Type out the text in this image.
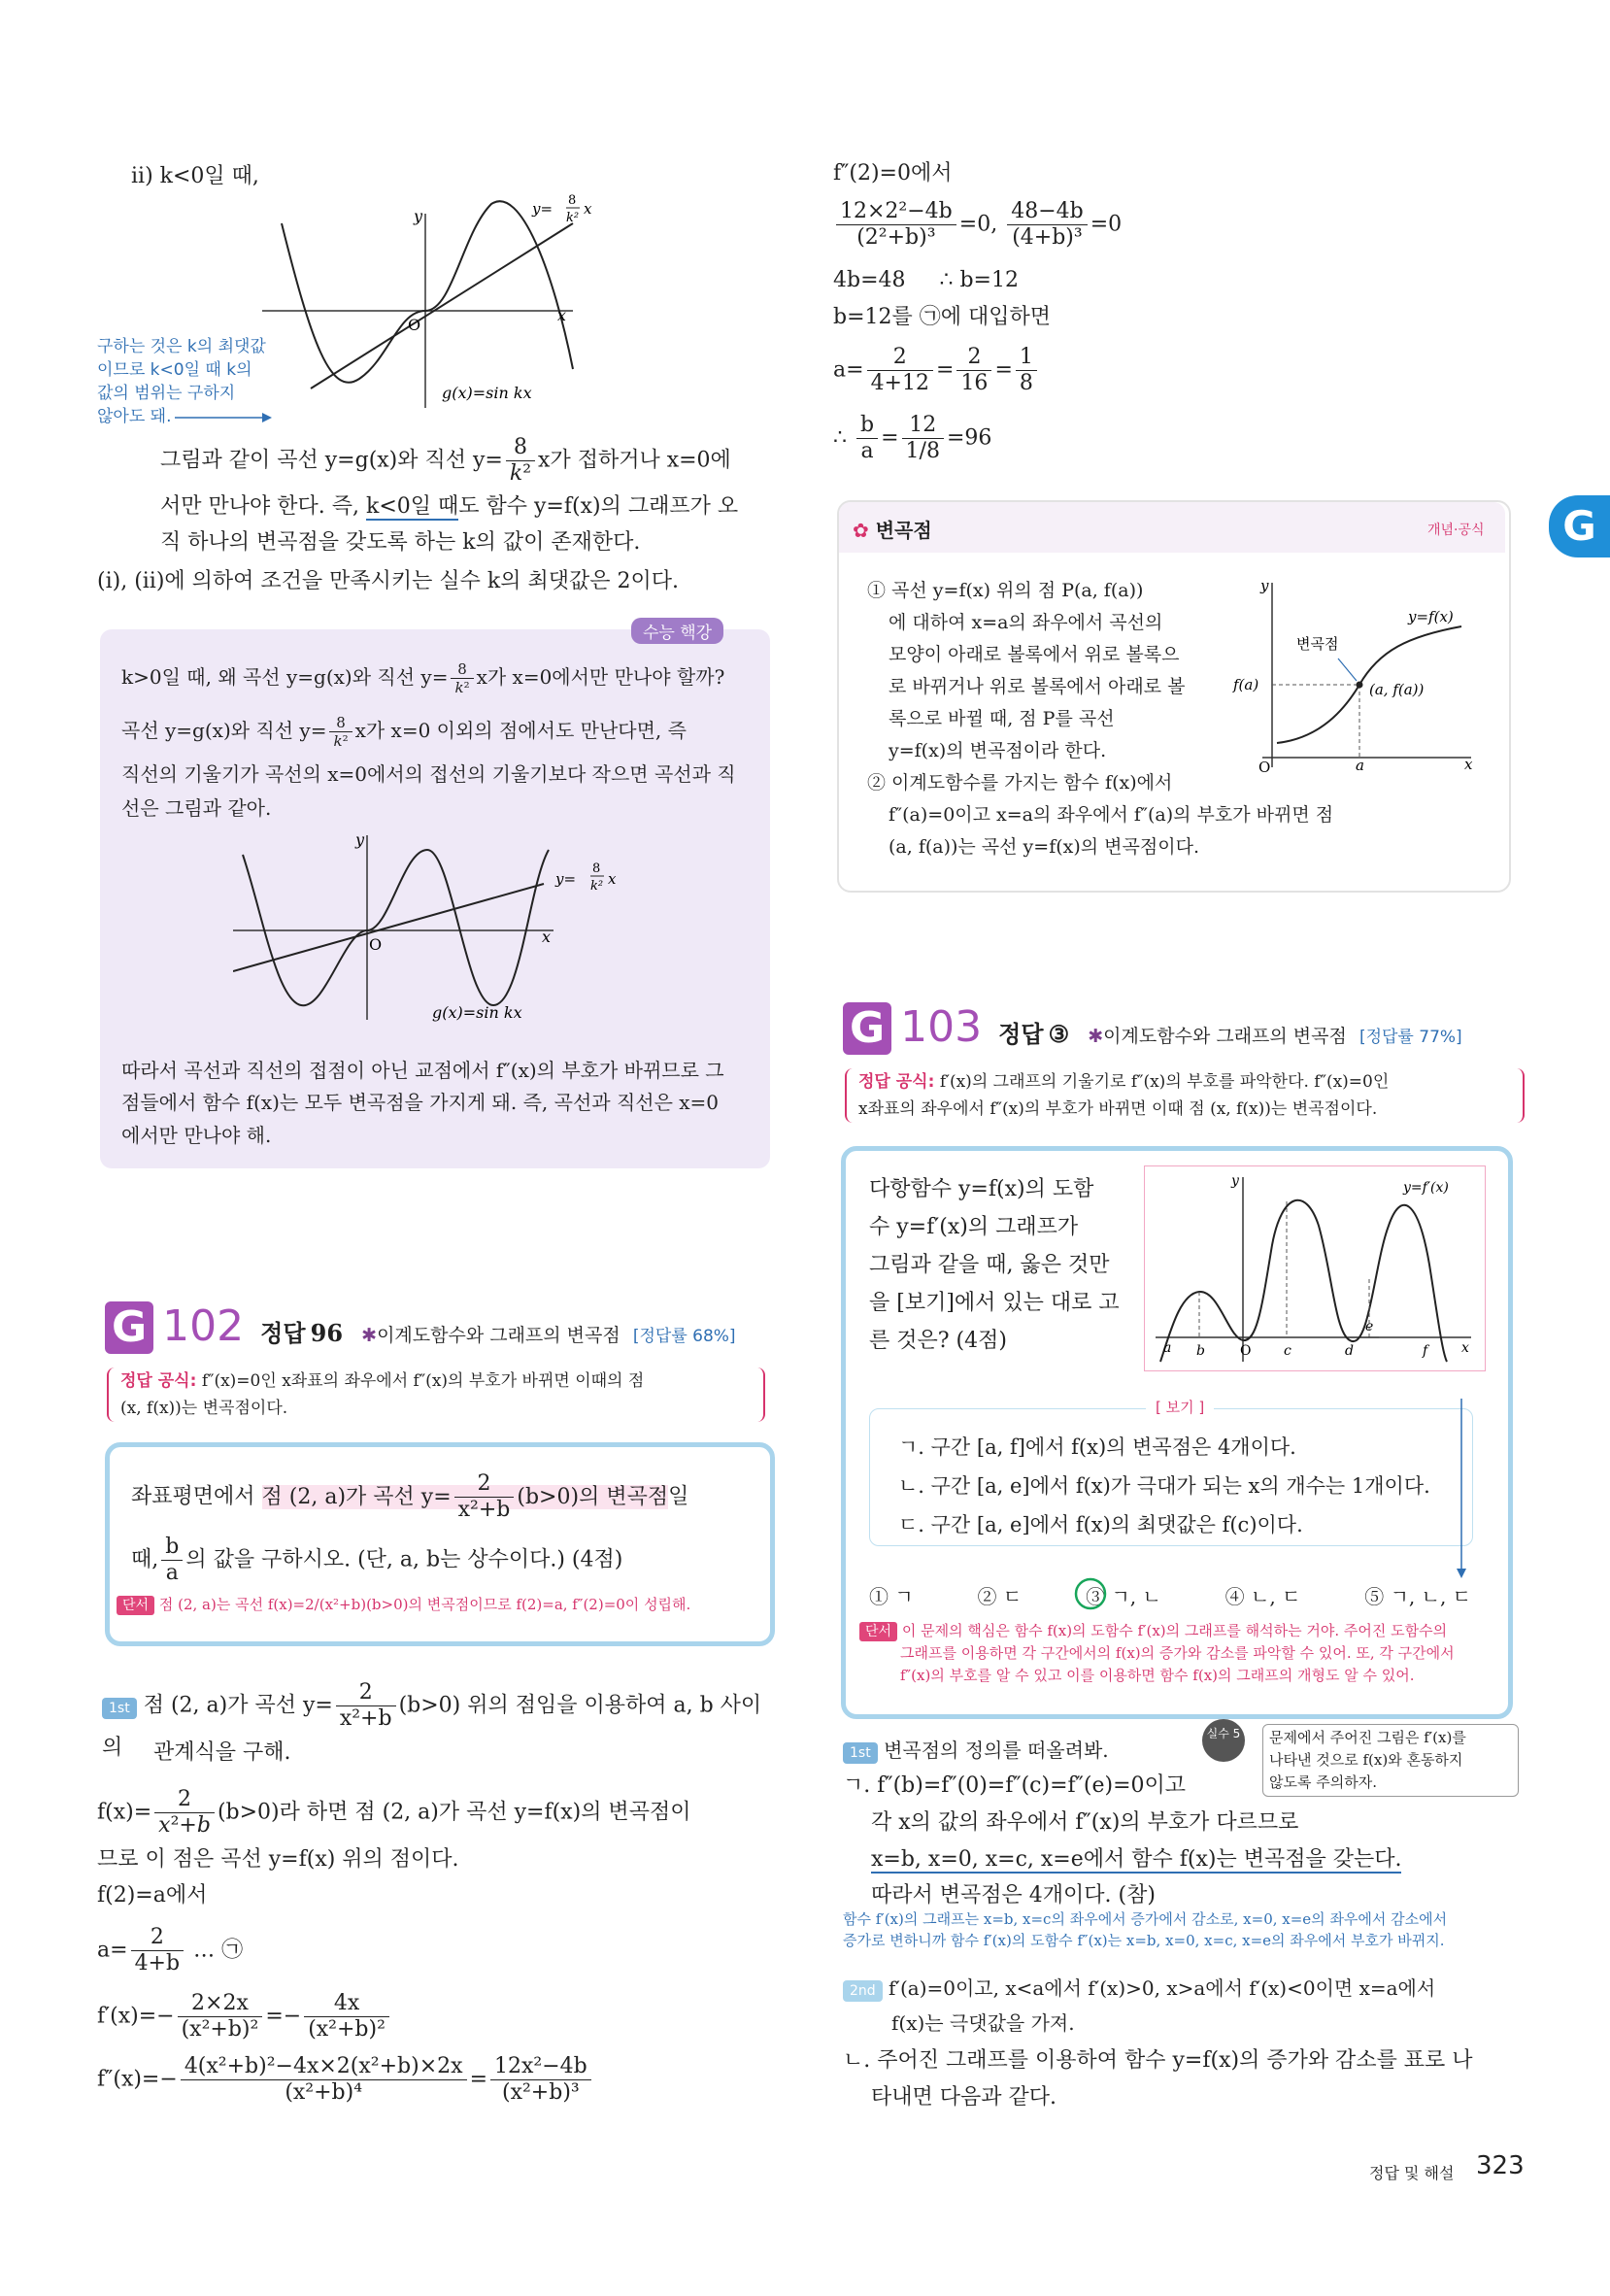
ii) k<0일 때,
x
y
O
y= 8
k²
x
g(x)=sin kx
구하는 것은 k의 최댓값
이므로 k<0일 때 k의
값의 범위는 구하지
않아도 돼.
그림과 같이 곡선 y=g(x)와 직선 $y= \frac{8}{\text{k²}}$ x가 접하거나 x=0에
서만 만나야 한다. 즉, k<0일 때도 함수 y=f(x)의 그래프가 오
직 하나의 변곡점을 갖도록 하는 k의 값이 존재한다.
(i), (ii)에 의하여 조건을 만족시키는 실수 k의 최댓값은 2이다.
수능 핵강
k>0일 때, 왜 곡선 y=g(x)와 직선 $y= \frac{8}{\text{k²}}$ x가 x=0에서만 만나야 할까?
곡선 y=g(x)와 직선 $y= \frac{8}{\text{k²}}$ x가 x=0 이외의 점에서도 만난다면, 즉
직선의 기울기가 곡선의 x=0에서의 접선의 기울기보다 작으면 곡선과 직
선은 그림과 같아.
x
y
O
y=
8
k² x
g(x)=sin kx
따라서 곡선과 직선의 접점이 아닌 교점에서 f″(x)의 부호가 바뀌므로 그
점들에서 함수 f(x)는 모두 변곡점을 가지게 돼. 즉, 곡선과 직선은 x=0
에서만 만나야 해.
G 102 정답 96 ✱이계도함수와 그래프의 변곡점 [정답률 68%]
정답 공식: f″(x)=0인 x좌표의 좌우에서 f″(x)의 부호가 바뀌면 이때의 점
(x, f(x))는 변곡점이다.
좌표평면에서 점 (2, a)가 곡선 $y= \frac{2}{\text{x²+b}} (b>0)$의 변곡점일
때, $\frac{b}{a}$ 의 값을 구하시오. (단, a, b는 상수이다.) (4점)
단서 점 (2, a)는 곡선 f(x)=2/(x²+b)(b>0)의 변곡점이므로 f(2)=a, f″(2)=0이 성립해.
1st 점 (2, a)가 곡선 $y= \frac{2}{\text{x²+b}} (b>0)$ 위의 점임을 이용하여 a, b 사이의	관계식을 구해.
$f(x)= \frac{2}{\text{x²+b}} (b>0)$라 하면 점 (2, a)가 곡선 y=f(x)의 변곡점이
므로 이 점은 곡선 y=f(x) 위의 점이다.
f(2)=a에서
$a= \frac{2}{4+b}$ … ㉠
$f'(x)=- \frac{2\times 2x}{\text{(x²+b)²}} =- \frac{4x}{\text{(x²+b)²}}$
$f''(x)=- \frac{\text{4(x²+b)²−4x×2(x²+b)×2x}}{\text{(x²+b)⁴}} = \frac{\text{12x²−4b}}{\text{(x²+b)³}}$
f″(2)=0에서
$\frac{\text{12×2²−4b}}{\text{(2²+b)³}} =0$, $\frac{48-4b}{\text{(4+b)³}} =0$
4b=48     ∴ b=12
b=12를 ㉠에 대입하면
$a= \frac{2}{4+12} = \frac{2}{16} = \frac{1}{8}$
∴ $\frac{b}{a} = \frac{12}{1/8} =96$
✿ 변곡점	개념·공식
① 곡선 y=f(x) 위의 점 P(a, f(a))
에 대하여 x=a의 좌우에서 곡선의
모양이 아래로 볼록에서 위로 볼록으
로 바뀌거나 위로 볼록에서 아래로 볼
록으로 바뀔 때, 점 P를 곡선
y=f(x)의 변곡점이라 한다.
② 이계도함수를 가지는 함수 f(x)에서
f″(a)=0이고 x=a의 좌우에서 f″(a)의 부호가 바뀌면 점
(a, f(a))는 곡선 y=f(x)의 변곡점이다.
x
y
O
y=f(x)
변곡점
(a, f(a))
f(a)
a
G
G 103 정답 ③ ✱이계도함수와 그래프의 변곡점 [정답률 77%]
정답 공식: f′(x)의 그래프의 기울기로 f″(x)의 부호를 파악한다. f″(x)=0인
x좌표의 좌우에서 f″(x)의 부호가 바뀌면 이때 점 (x, f(x))는 변곡점이다.
다항함수 y=f(x)의 도함
수 y=f′(x)의 그래프가
그림과 같을 때, 옳은 것만
을 [보기]에서 있는 대로 고
른 것은? (4점)	x
y
O
y=f′(x)
a b	c	d
e
f
[ 보기 ]
ㄱ. 구간 [a, f]에서 f(x)의 변곡점은 4개이다.
ㄴ. 구간 [a, e]에서 f(x)가 극대가 되는 x의 개수는 1개이다.
ㄷ. 구간 [a, e]에서 f(x)의 최댓값은 f(c)이다.
① ㄱ	② ㄷ	③ ㄱ, ㄴ	④ ㄴ, ㄷ	⑤ ㄱ, ㄴ, ㄷ
단서 이 문제의 핵심은 함수 f(x)의 도함수 f′(x)의 그래프를 해석하는 거야. 주어진 도함수의
그래프를 이용하면 각 구간에서의 f(x)의 증가와 감소를 파악할 수 있어. 또, 각 구간에서
f″(x)의 부호를 알 수 있고 이를 이용하면 함수 f(x)의 그래프의 개형도 알 수 있어.
1st 변곡점의 정의를 떠올려봐.
실수 5	문제에서 주어진 그림은 f′(x)를
나타낸 것으로 f(x)와 혼동하지
않도록 주의하자.
ㄱ. f″(b)=f″(0)=f″(c)=f″(e)=0이고
각 x의 값의 좌우에서 f″(x)의 부호가 다르므로
x=b, x=0, x=c, x=e에서 함수 f(x)는 변곡점을 갖는다.
따라서 변곡점은 4개이다. (참)
함수 f′(x)의 그래프는 x=b, x=c의 좌우에서 증가에서 감소로, x=0, x=e의 좌우에서 감소에서
증가로 변하니까 함수 f′(x)의 도함수 f″(x)는 x=b, x=0, x=c, x=e의 좌우에서 부호가 바뀌지.
2nd f′(a)=0이고, x<a에서 f′(x)>0, x>a에서 f′(x)<0이면 x=a에서
f(x)는 극댓값을 가져.
ㄴ. 주어진 그래프를 이용하여 함수 y=f(x)의 증가와 감소를 표로 나
타내면 다음과 같다.
정답 및 해설 323
